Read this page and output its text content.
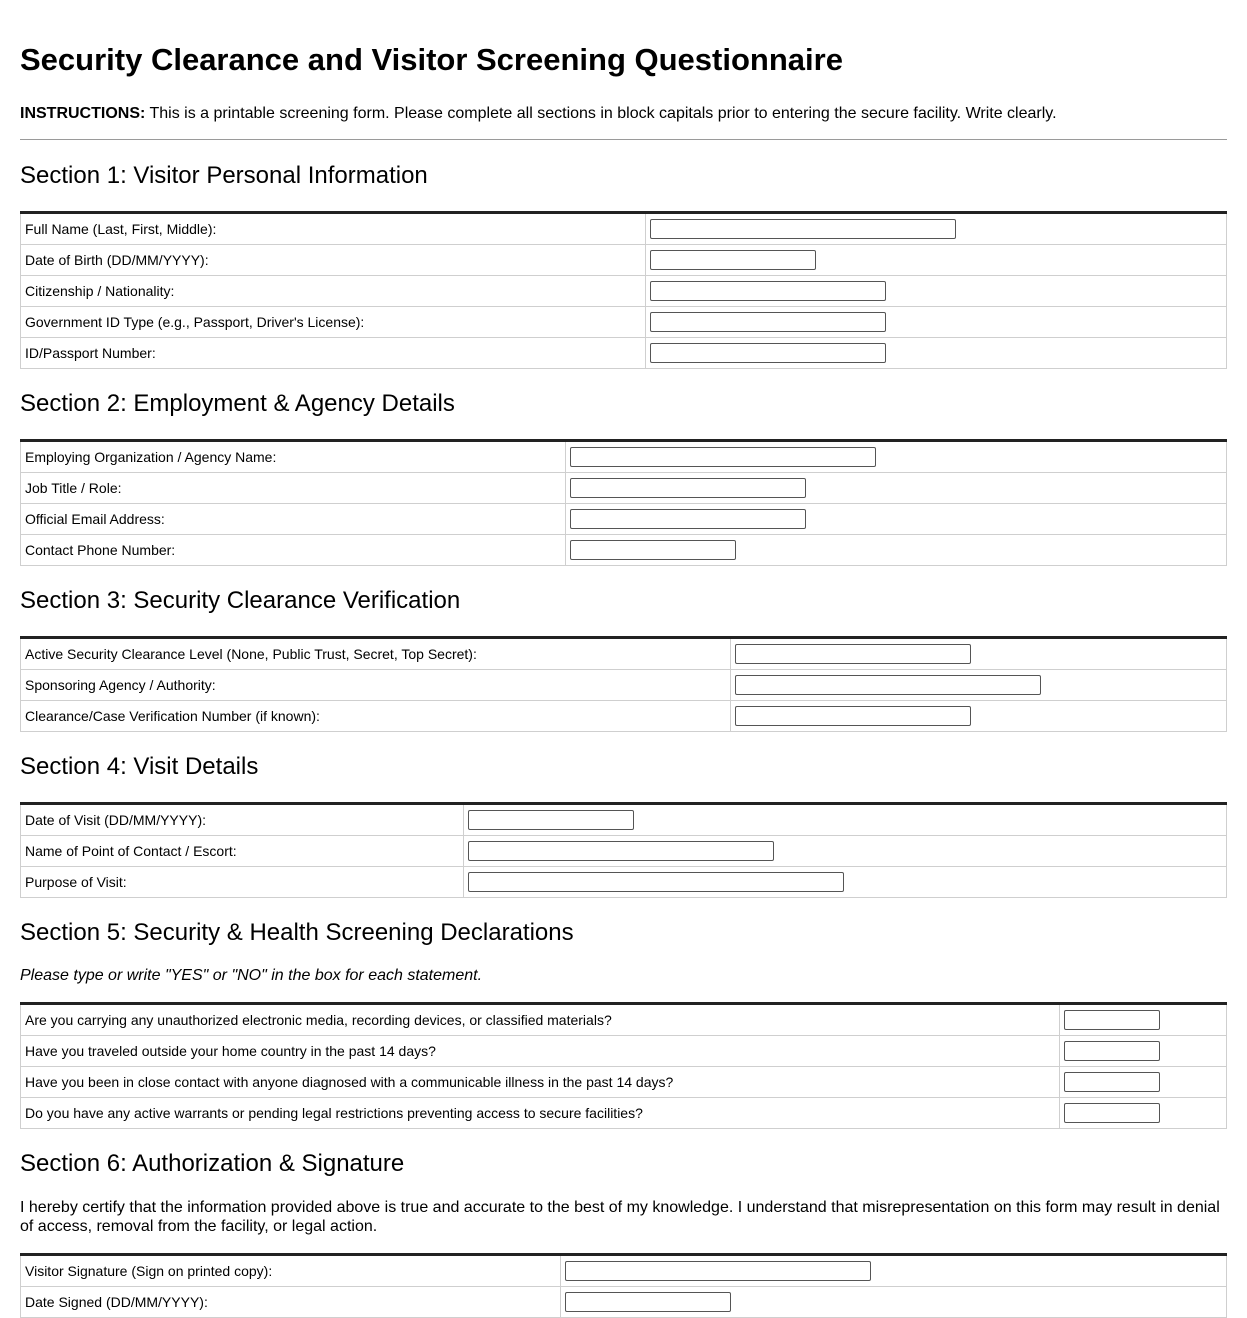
Security Clearance and Visitor Screening Questionnaire

INSTRUCTIONS: This is a printable screening form. Please complete all sections in block capitals prior to entering the secure facility. Write clearly.

Section 1: Visitor Personal Information
Full Name (Last, First, Middle):	

Date of Birth (DD/MM/YYYY):	

Citizenship / Nationality:	

Government ID Type (e.g., Passport, Driver's License):	

ID/Passport Number:	
Section 2: Employment & Agency Details
Employing Organization / Agency Name:	

Job Title / Role:	

Official Email Address:	

Contact Phone Number:	
Section 3: Security Clearance Verification
Active Security Clearance Level (None, Public Trust, Secret, Top Secret):	

Sponsoring Agency / Authority:	

Clearance/Case Verification Number (if known):	
Section 4: Visit Details
Date of Visit (DD/MM/YYYY):	

Name of Point of Contact / Escort:	

Purpose of Visit:	
Section 5: Security & Health Screening Declarations

Please type or write "YES" or "NO" in the box for each statement.

Are you carrying any unauthorized electronic media, recording devices, or classified materials?	

Have you traveled outside your home country in the past 14 days?	

Have you been in close contact with anyone diagnosed with a communicable illness in the past 14 days?	

Do you have any active warrants or pending legal restrictions preventing access to secure facilities?	
Section 6: Authorization & Signature

I hereby certify that the information provided above is true and accurate to the best of my knowledge. I understand that misrepresentation on this form may result in denial of access, removal from the facility, or legal action.

Visitor Signature (Sign on printed copy):	

Date Signed (DD/MM/YYYY):	
